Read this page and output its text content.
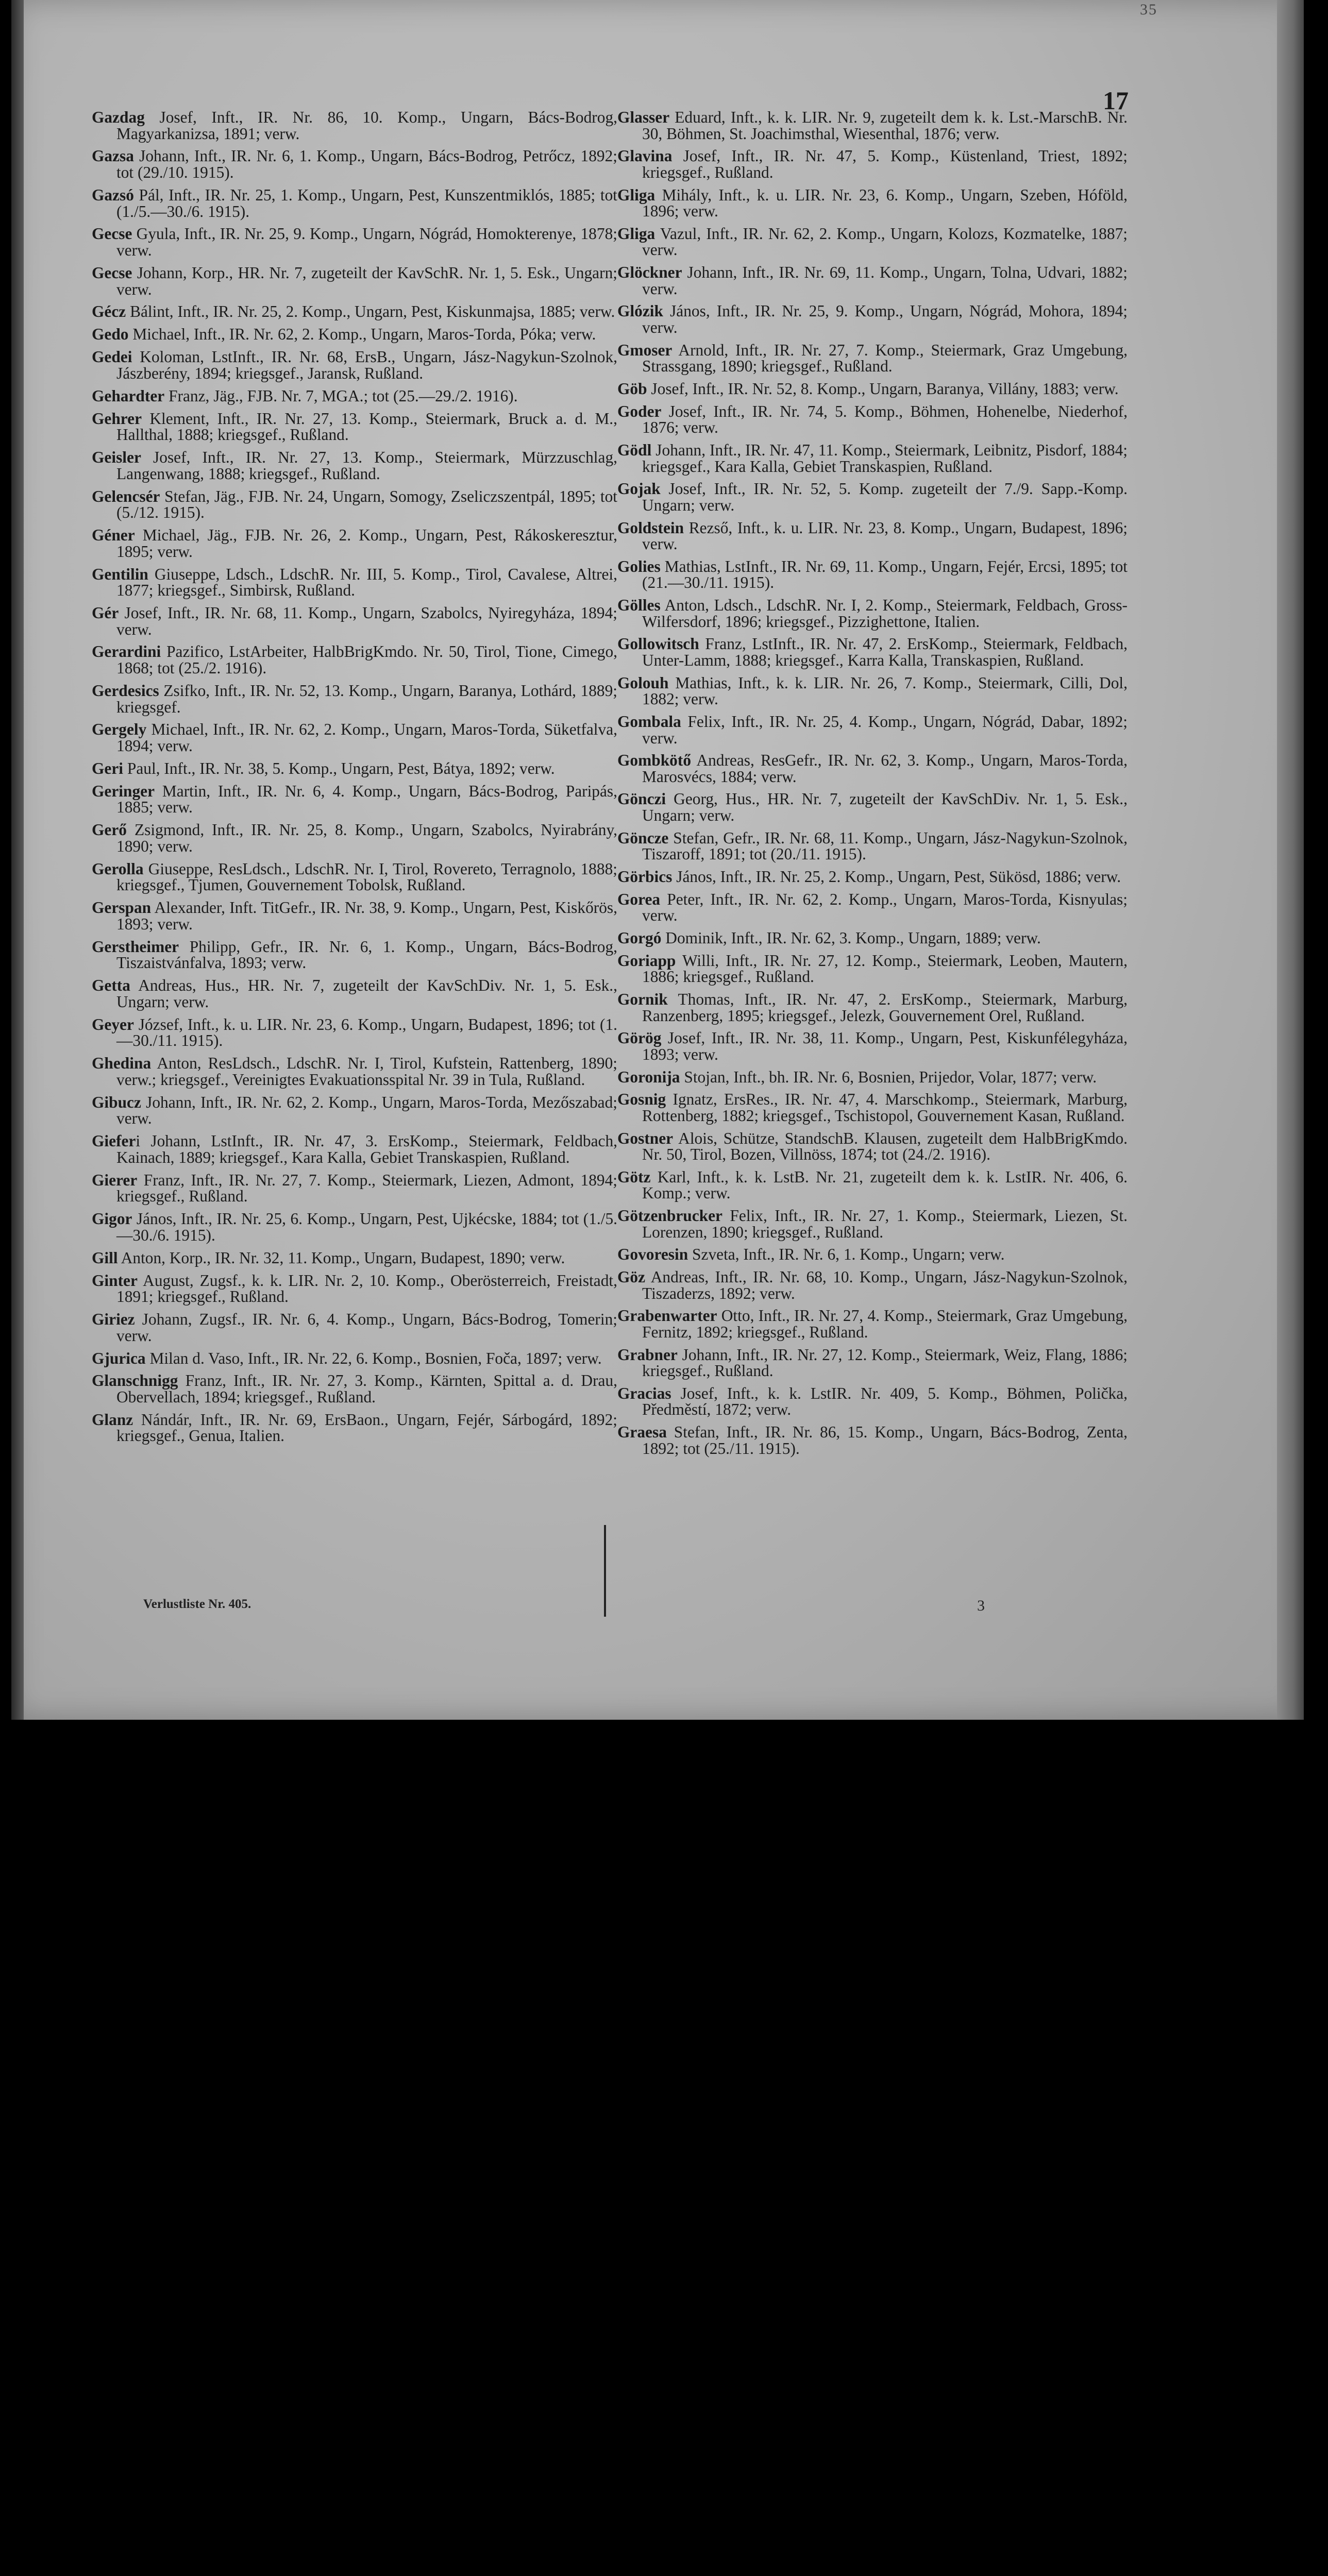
35
17
Gazdag Josef, Inft., IR. Nr. 86, 10. Komp., Ungarn, Bács-Bodrog, Magyarkanizsa, 1891; verw.
Gazsa Johann, Inft., IR. Nr. 6, 1. Komp., Ungarn, Bács-Bodrog, Petrőcz, 1892; tot (29./10. 1915).
Gazsó Pál, Inft., IR. Nr. 25, 1. Komp., Ungarn, Pest, Kunszentmiklós, 1885; tot (1./5.—30./6. 1915).
Gecse Gyula, Inft., IR. Nr. 25, 9. Komp., Ungarn, Nógrád, Homokterenye, 1878; verw.
Gecse Johann, Korp., HR. Nr. 7, zugeteilt der KavSchR. Nr. 1, 5. Esk., Ungarn; verw.
Gécz Bálint, Inft., IR. Nr. 25, 2. Komp., Ungarn, Pest, Kiskunmajsa, 1885; verw.
Gedo Michael, Inft., IR. Nr. 62, 2. Komp., Ungarn, Maros-Torda, Póka; verw.
Gedei Koloman, LstInft., IR. Nr. 68, ErsB., Ungarn, Jász-Nagykun-Szolnok, Jászberény, 1894; kriegsgef., Jaransk, Rußland.
Gehardter Franz, Jäg., FJB. Nr. 7, MGA.; tot (25.—29./2. 1916).
Gehrer Klement, Inft., IR. Nr. 27, 13. Komp., Steiermark, Bruck a. d. M., Hallthal, 1888; kriegsgef., Rußland.
Geisler Josef, Inft., IR. Nr. 27, 13. Komp., Steiermark, Mürzzuschlag, Langenwang, 1888; kriegsgef., Rußland.
Gelencsér Stefan, Jäg., FJB. Nr. 24, Ungarn, Somogy, Zseliczszentpál, 1895; tot (5./12. 1915).
Géner Michael, Jäg., FJB. Nr. 26, 2. Komp., Ungarn, Pest, Rákoskeresztur, 1895; verw.
Gentilin Giuseppe, Ldsch., LdschR. Nr. III, 5. Komp., Tirol, Cavalese, Altrei, 1877; kriegsgef., Simbirsk, Rußland.
Gér Josef, Inft., IR. Nr. 68, 11. Komp., Ungarn, Szabolcs, Nyiregyháza, 1894; verw.
Gerardini Pazifico, LstArbeiter, HalbBrigKmdo. Nr. 50, Tirol, Tione, Cimego, 1868; tot (25./2. 1916).
Gerdesics Zsifko, Inft., IR. Nr. 52, 13. Komp., Ungarn, Baranya, Lothárd, 1889; kriegsgef.
Gergely Michael, Inft., IR. Nr. 62, 2. Komp., Ungarn, Maros-Torda, Süketfalva, 1894; verw.
Geri Paul, Inft., IR. Nr. 38, 5. Komp., Ungarn, Pest, Bátya, 1892; verw.
Geringer Martin, Inft., IR. Nr. 6, 4. Komp., Ungarn, Bács-Bodrog, Paripás, 1885; verw.
Gerő Zsigmond, Inft., IR. Nr. 25, 8. Komp., Ungarn, Szabolcs, Nyirabrány, 1890; verw.
Gerolla Giuseppe, ResLdsch., LdschR. Nr. I, Tirol, Rovereto, Terragnolo, 1888; kriegsgef., Tjumen, Gouvernement Tobolsk, Rußland.
Gerspan Alexander, Inft. TitGefr., IR. Nr. 38, 9. Komp., Ungarn, Pest, Kiskőrös, 1893; verw.
Gerstheimer Philipp, Gefr., IR. Nr. 6, 1. Komp., Ungarn, Bács-Bodrog, Tiszaistvánfalva, 1893; verw.
Getta Andreas, Hus., HR. Nr. 7, zugeteilt der KavSchDiv. Nr. 1, 5. Esk., Ungarn; verw.
Geyer József, Inft., k. u. LIR. Nr. 23, 6. Komp., Ungarn, Budapest, 1896; tot (1.—30./11. 1915).
Ghedina Anton, ResLdsch., LdschR. Nr. I, Tirol, Kufstein, Rattenberg, 1890; verw.; kriegsgef., Vereinigtes Evakuationsspital Nr. 39 in Tula, Rußland.
Gibucz Johann, Inft., IR. Nr. 62, 2. Komp., Ungarn, Maros-Torda, Mezőszabad; verw.
Gieferi Johann, LstInft., IR. Nr. 47, 3. ErsKomp., Steiermark, Feldbach, Kainach, 1889; kriegsgef., Kara Kalla, Gebiet Transkaspien, Rußland.
Gierer Franz, Inft., IR. Nr. 27, 7. Komp., Steiermark, Liezen, Admont, 1894; kriegsgef., Rußland.
Gigor János, Inft., IR. Nr. 25, 6. Komp., Ungarn, Pest, Ujkécske, 1884; tot (1./5.—30./6. 1915).
Gill Anton, Korp., IR. Nr. 32, 11. Komp., Ungarn, Budapest, 1890; verw.
Ginter August, Zugsf., k. k. LIR. Nr. 2, 10. Komp., Oberösterreich, Freistadt, 1891; kriegsgef., Rußland.
Giriez Johann, Zugsf., IR. Nr. 6, 4. Komp., Ungarn, Bács-Bodrog, Tomerin; verw.
Gjurica Milan d. Vaso, Inft., IR. Nr. 22, 6. Komp., Bosnien, Foča, 1897; verw.
Glanschnigg Franz, Inft., IR. Nr. 27, 3. Komp., Kärnten, Spittal a. d. Drau, Obervellach, 1894; kriegsgef., Rußland.
Glanz Nándár, Inft., IR. Nr. 69, ErsBaon., Ungarn, Fejér, Sárbogárd, 1892; kriegsgef., Genua, Italien.
Glasser Eduard, Inft., k. k. LIR. Nr. 9, zugeteilt dem k. k. Lst.-MarschB. Nr. 30, Böhmen, St. Joachimsthal, Wiesenthal, 1876; verw.
Glavina Josef, Inft., IR. Nr. 47, 5. Komp., Küstenland, Triest, 1892; kriegsgef., Rußland.
Gliga Mihály, Inft., k. u. LIR. Nr. 23, 6. Komp., Ungarn, Szeben, Hóföld, 1896; verw.
Gliga Vazul, Inft., IR. Nr. 62, 2. Komp., Ungarn, Kolozs, Kozmatelke, 1887; verw.
Glöckner Johann, Inft., IR. Nr. 69, 11. Komp., Ungarn, Tolna, Udvari, 1882; verw.
Glózik János, Inft., IR. Nr. 25, 9. Komp., Ungarn, Nógrád, Mohora, 1894; verw.
Gmoser Arnold, Inft., IR. Nr. 27, 7. Komp., Steiermark, Graz Umgebung, Strassgang, 1890; kriegsgef., Rußland.
Göb Josef, Inft., IR. Nr. 52, 8. Komp., Ungarn, Baranya, Villány, 1883; verw.
Goder Josef, Inft., IR. Nr. 74, 5. Komp., Böhmen, Hohenelbe, Niederhof, 1876; verw.
Gödl Johann, Inft., IR. Nr. 47, 11. Komp., Steiermark, Leibnitz, Pisdorf, 1884; kriegsgef., Kara Kalla, Gebiet Transkaspien, Rußland.
Gojak Josef, Inft., IR. Nr. 52, 5. Komp. zugeteilt der 7./9. Sapp.-Komp. Ungarn; verw.
Goldstein Rezső, Inft., k. u. LIR. Nr. 23, 8. Komp., Ungarn, Budapest, 1896; verw.
Golies Mathias, LstInft., IR. Nr. 69, 11. Komp., Ungarn, Fejér, Ercsi, 1895; tot (21.—30./11. 1915).
Gölles Anton, Ldsch., LdschR. Nr. I, 2. Komp., Steiermark, Feldbach, Gross-Wilfersdorf, 1896; kriegsgef., Pizzighettone, Italien.
Gollowitsch Franz, LstInft., IR. Nr. 47, 2. ErsKomp., Steiermark, Feldbach, Unter-Lamm, 1888; kriegsgef., Karra Kalla, Transkaspien, Rußland.
Golouh Mathias, Inft., k. k. LIR. Nr. 26, 7. Komp., Steiermark, Cilli, Dol, 1882; verw.
Gombala Felix, Inft., IR. Nr. 25, 4. Komp., Ungarn, Nógrád, Dabar, 1892; verw.
Gombkötő Andreas, ResGefr., IR. Nr. 62, 3. Komp., Ungarn, Maros-Torda, Marosvécs, 1884; verw.
Gönczi Georg, Hus., HR. Nr. 7, zugeteilt der KavSchDiv. Nr. 1, 5. Esk., Ungarn; verw.
Göncze Stefan, Gefr., IR. Nr. 68, 11. Komp., Ungarn, Jász-Nagykun-Szolnok, Tiszaroff, 1891; tot (20./11. 1915).
Görbics János, Inft., IR. Nr. 25, 2. Komp., Ungarn, Pest, Sükösd, 1886; verw.
Gorea Peter, Inft., IR. Nr. 62, 2. Komp., Ungarn, Maros-Torda, Kisnyulas; verw.
Gorgó Dominik, Inft., IR. Nr. 62, 3. Komp., Ungarn, 1889; verw.
Goriapp Willi, Inft., IR. Nr. 27, 12. Komp., Steiermark, Leoben, Mautern, 1886; kriegsgef., Rußland.
Gornik Thomas, Inft., IR. Nr. 47, 2. ErsKomp., Steiermark, Marburg, Ranzenberg, 1895; kriegsgef., Jelezk, Gouvernement Orel, Rußland.
Görög Josef, Inft., IR. Nr. 38, 11. Komp., Ungarn, Pest, Kiskunfélegyháza, 1893; verw.
Goronija Stojan, Inft., bh. IR. Nr. 6, Bosnien, Prijedor, Volar, 1877; verw.
Gosnig Ignatz, ErsRes., IR. Nr. 47, 4. Marschkomp., Steiermark, Marburg, Rottenberg, 1882; kriegsgef., Tschistopol, Gouvernement Kasan, Rußland.
Gostner Alois, Schütze, StandschB. Klausen, zugeteilt dem HalbBrigKmdo. Nr. 50, Tirol, Bozen, Villnöss, 1874; tot (24./2. 1916).
Götz Karl, Inft., k. k. LstB. Nr. 21, zugeteilt dem k. k. LstIR. Nr. 406, 6. Komp.; verw.
Götzenbrucker Felix, Inft., IR. Nr. 27, 1. Komp., Steiermark, Liezen, St. Lorenzen, 1890; kriegsgef., Rußland.
Govoresin Szveta, Inft., IR. Nr. 6, 1. Komp., Ungarn; verw.
Göz Andreas, Inft., IR. Nr. 68, 10. Komp., Ungarn, Jász-Nagykun-Szolnok, Tiszaderzs, 1892; verw.
Grabenwarter Otto, Inft., IR. Nr. 27, 4. Komp., Steiermark, Graz Umgebung, Fernitz, 1892; kriegsgef., Rußland.
Grabner Johann, Inft., IR. Nr. 27, 12. Komp., Steiermark, Weiz, Flang, 1886; kriegsgef., Rußland.
Gracias Josef, Inft., k. k. LstIR. Nr. 409, 5. Komp., Böhmen, Polička, Předměstí, 1872; verw.
Graesa Stefan, Inft., IR. Nr. 86, 15. Komp., Ungarn, Bács-Bodrog, Zenta, 1892; tot (25./11. 1915).
Verlustliste Nr. 405.	3
